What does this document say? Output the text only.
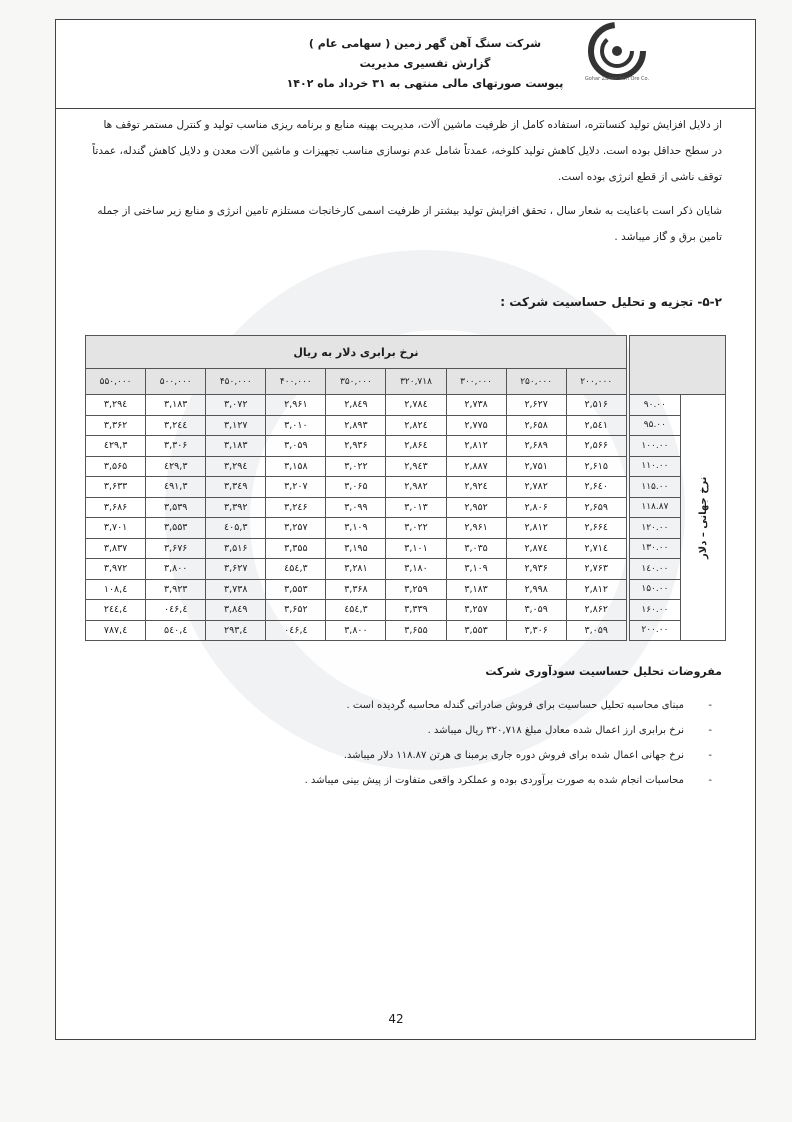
شرکت سنگ آهن گهر زمین ( سهامی عام )
گزارش تفسیری مدیریت
پیوست صورتهای مالی منتهی به ۳۱ خرداد ماه ۱۴۰۲	Gohar Zamin Iron Ore Co.
از دلایل افزایش تولید کنسانتره، استفاده کامل از ظرفیت ماشین آلات، مدیریت بهینه منابع و برنامه ریزی مناسب تولید و کنترل مستمر توقف ها در سطح حداقل بوده است. دلایل کاهش تولید کلوخه، عمدتاً شامل عدم نوسازی مناسب تجهیزات و ماشین آلات معدن و دلایل کاهش گندله، عمدتاً توقف ناشی از قطع انرژی بوده است.
شایان ذکر است باعنایت به شعار سال ، تحقق افزایش تولید بیشتر از ظرفیت اسمی کارخانجات مستلزم تامین انرژی و منابع زیر ساختی از جمله تامین برق و گاز میباشد .
۵-۲- تجزیه و تحلیل حساسیت شرکت :
			نرخ برابری دلار به ریال								
			۲۰۰,۰۰۰	۲۵۰,۰۰۰	۳۰۰,۰۰۰	۳۲۰,۷۱۸	۳۵۰,۰۰۰	۴۰۰,۰۰۰	۴۵۰,۰۰۰	۵۰۰,۰۰۰	۵۵۰,۰۰۰
نرخ جهانی – دلار	۹۰.۰۰		۲,۵۱۶	۲,۶۲۷	۲,۷۳۸	۲,۷۸٤	۲,۸٤۹	۲,۹۶۱	۳,۰۷۲	۳,۱۸۳	۳,۲۹٤
	۹۵.۰۰		۲,۵٤۱	۲,۶۵۸	۲,۷۷۵	۲,۸۲٤	۲,۸۹۳	۳,۰۱۰	۳,۱۲۷	۳,۲٤٤	۳,۳۶۲
	۱۰۰.۰۰		۲,۵۶۶	۲,۶۸۹	۲,۸۱۲	۲,۸۶٤	۲,۹۳۶	۳,۰۵۹	۳,۱۸۳	۳,۳۰۶	۳,٤۲۹
	۱۱۰.۰۰		۲,۶۱۵	۲,۷۵۱	۲,۸۸۷	۲,۹٤۳	۳,۰۲۲	۳,۱۵۸	۳,۲۹٤	۳,٤۲۹	۳,۵۶۵
	۱۱۵.۰۰		۲,۶٤۰	۲,۷۸۲	۲,۹۲٤	۲,۹۸۲	۳,۰۶۵	۳,۲۰۷	۳,۳٤۹	۳,٤۹۱	۳,۶۳۳
	۱۱۸.۸۷		۲,۶۵۹	۲,۸۰۶	۲,۹۵۲	۳,۰۱۳	۳,۰۹۹	۳,۲٤۶	۳,۳۹۲	۳,۵۳۹	۳,۶۸۶
	۱۲۰.۰۰		۲,۶۶٤	۲,۸۱۲	۲,۹۶۱	۳,۰۲۲	۳,۱۰۹	۳,۲۵۷	۳,٤۰۵	۳,۵۵۳	۳,۷۰۱
	۱۳۰.۰۰		۲,۷۱٤	۲,۸۷٤	۳,۰۳۵	۳,۱۰۱	۳,۱۹۵	۳,۳۵۵	۳,۵۱۶	۳,۶۷۶	۳,۸۳۷
	۱٤۰.۰۰		۲,۷۶۳	۲,۹۳۶	۳,۱۰۹	۳,۱۸۰	۳,۲۸۱	۳,٤۵٤	۳,۶۲۷	۳,۸۰۰	۳,۹۷۲
	۱۵۰.۰۰		۲,۸۱۲	۲,۹۹۸	۳,۱۸۳	۳,۲۵۹	۳,۳۶۸	۳,۵۵۳	۳,۷۳۸	۳,۹۲۳	٤,۱۰۸
	۱۶۰.۰۰		۲,۸۶۲	۳,۰۵۹	۳,۲۵۷	۳,۳۳۹	۳,٤۵٤	۳,۶۵۲	۳,۸٤۹	٤,۰٤۶	٤,۲٤٤
	۲۰۰.۰۰		۳,۰۵۹	۳,۳۰۶	۳,۵۵۳	۳,۶۵۵	۳,۸۰۰	٤,۰٤۶	٤,۲۹۳	٤,۵٤۰	٤,۷۸۷
مفروضات تحلیل حساسیت سودآوری شرکت
-
مبنای محاسبه تحلیل حساسیت برای فروش صادراتی گندله محاسبه گردیده است .
-
نرخ برابری ارز اعمال شده معادل مبلغ ۳۲۰,۷۱۸ ریال میباشد .
-
نرخ جهانی اعمال شده برای فروش دوره جاری برمبنا ی هرتن ۱۱۸.۸۷ دلار میباشد.
-
محاسبات انجام شده به صورت برآوردی بوده و عملکرد واقعی متفاوت از پیش بینی میباشد .
42
